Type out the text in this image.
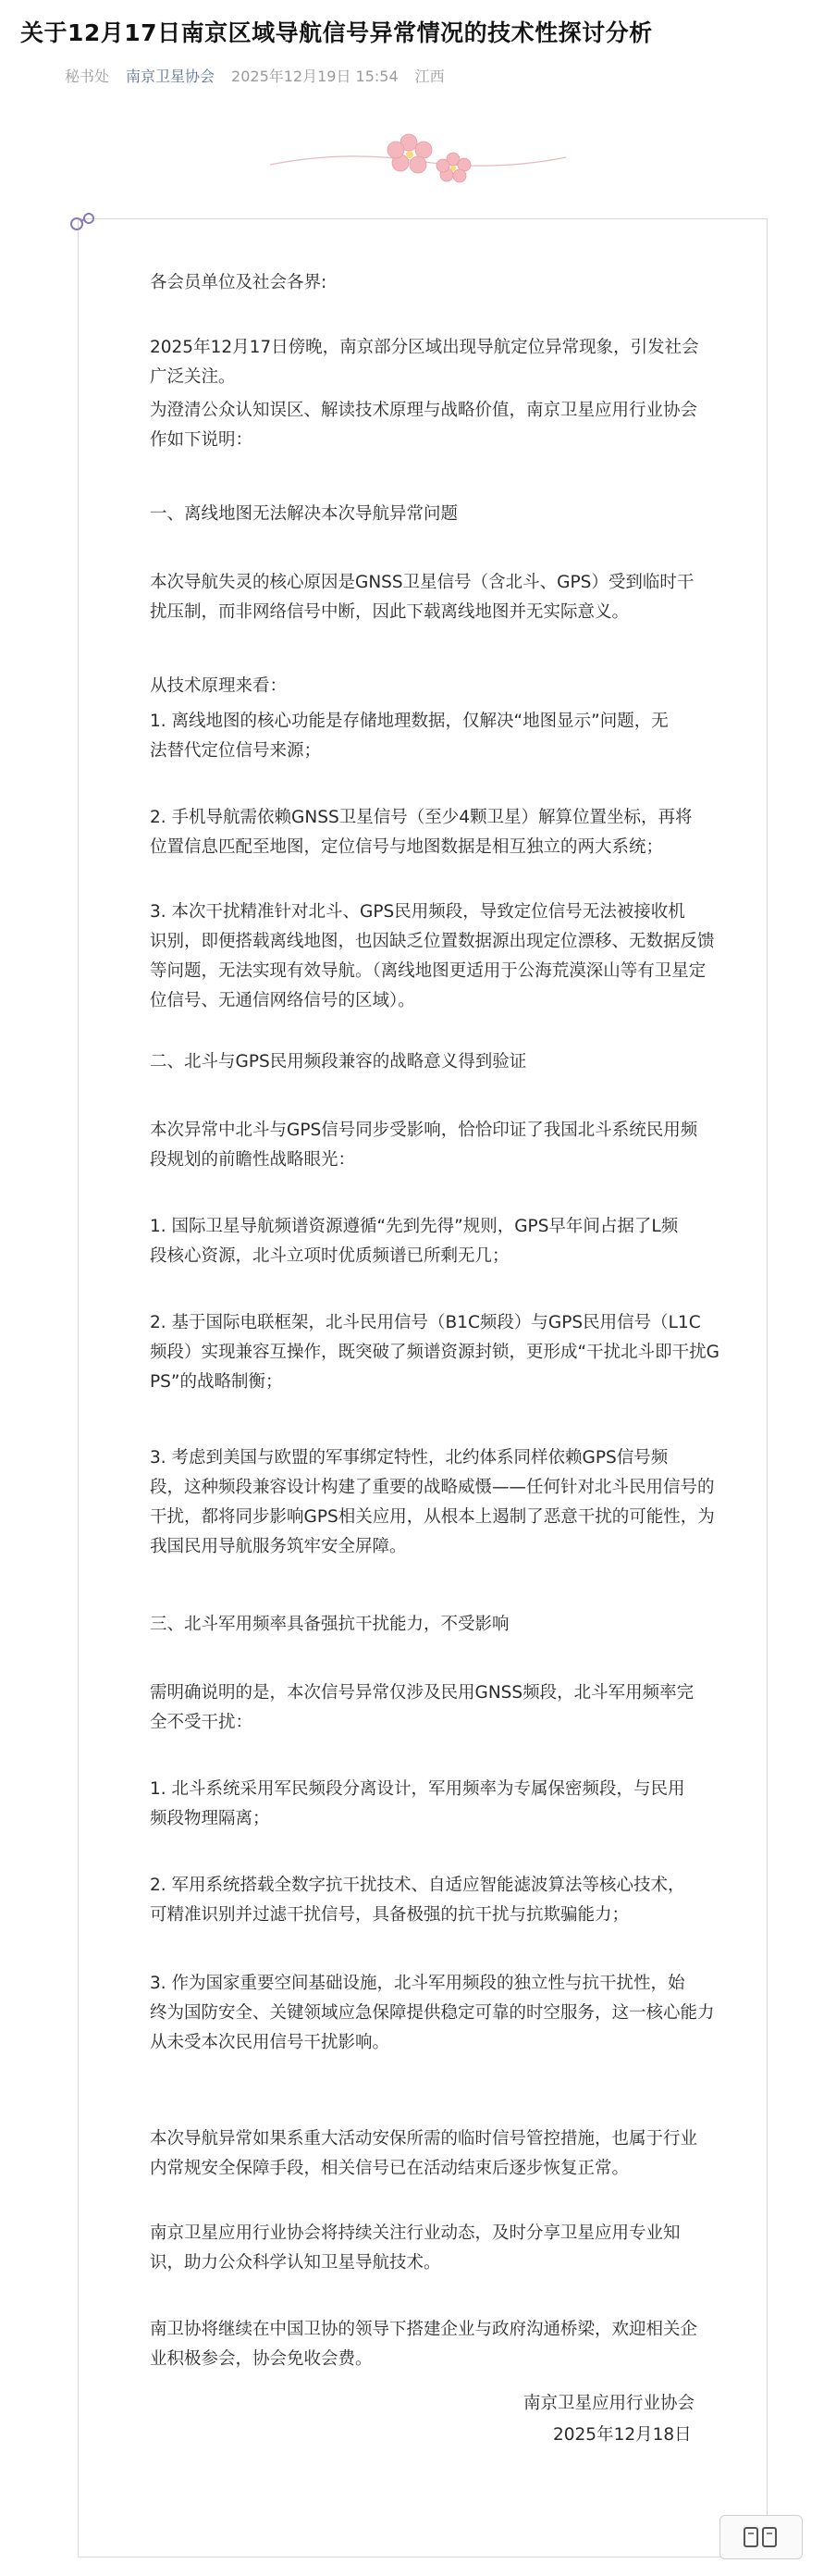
关于12月17日南京区域导航信号异常情况的技术性探讨分析
秘书处 南京卫星协会 2025年12月19日 15:54 江西
各会员单位及社会各界:
2025年12月17日傍晚，南京部分区域出现导航定位异常现象，引发社会
广泛关注。
为澄清公众认知误区、解读技术原理与战略价值，南京卫星应用行业协会
作如下说明：
一、离线地图无法解决本次导航异常问题
本次导航失灵的核心原因是GNSS卫星信号（含北斗、GPS）受到临时干
扰压制，而非网络信号中断，因此下载离线地图并无实际意义。
从技术原理来看：
1. 离线地图的核心功能是存储地理数据，仅解决“地图显示”问题，无
法替代定位信号来源；
2. 手机导航需依赖GNSS卫星信号（至少4颗卫星）解算位置坐标，再将
位置信息匹配至地图，定位信号与地图数据是相互独立的两大系统；
3. 本次干扰精准针对北斗、GPS民用频段，导致定位信号无法被接收机
识别，即便搭载离线地图，也因缺乏位置数据源出现定位漂移、无数据反馈
等问题，无法实现有效导航。（离线地图更适用于公海荒漠深山等有卫星定
位信号、无通信网络信号的区域）。
二、北斗与GPS民用频段兼容的战略意义得到验证
本次异常中北斗与GPS信号同步受影响，恰恰印证了我国北斗系统民用频
段规划的前瞻性战略眼光：
1. 国际卫星导航频谱资源遵循“先到先得”规则，GPS早年间占据了L频
段核心资源，北斗立项时优质频谱已所剩无几；
2. 基于国际电联框架，北斗民用信号（B1C频段）与GPS民用信号（L1C
频段）实现兼容互操作，既突破了频谱资源封锁，更形成“干扰北斗即干扰G
PS”的战略制衡；
3. 考虑到美国与欧盟的军事绑定特性，北约体系同样依赖GPS信号频
段，这种频段兼容设计构建了重要的战略威慑——任何针对北斗民用信号的
干扰，都将同步影响GPS相关应用，从根本上遏制了恶意干扰的可能性，为
我国民用导航服务筑牢安全屏障。
三、北斗军用频率具备强抗干扰能力，不受影响
需明确说明的是，本次信号异常仅涉及民用GNSS频段，北斗军用频率完
全不受干扰：
1. 北斗系统采用军民频段分离设计，军用频率为专属保密频段，与民用
频段物理隔离；
2. 军用系统搭载全数字抗干扰技术、自适应智能滤波算法等核心技术，
可精准识别并过滤干扰信号，具备极强的抗干扰与抗欺骗能力；
3. 作为国家重要空间基础设施，北斗军用频段的独立性与抗干扰性，始
终为国防安全、关键领域应急保障提供稳定可靠的时空服务，这一核心能力
从未受本次民用信号干扰影响。
本次导航异常如果系重大活动安保所需的临时信号管控措施，也属于行业
内常规安全保障手段，相关信号已在活动结束后逐步恢复正常。
南京卫星应用行业协会将持续关注行业动态，及时分享卫星应用专业知
识，助力公众科学认知卫星导航技术。
南卫协将继续在中国卫协的领导下搭建企业与政府沟通桥梁，欢迎相关企
业积极参会，协会免收会费。
南京卫星应用行业协会
2025年12月18日
